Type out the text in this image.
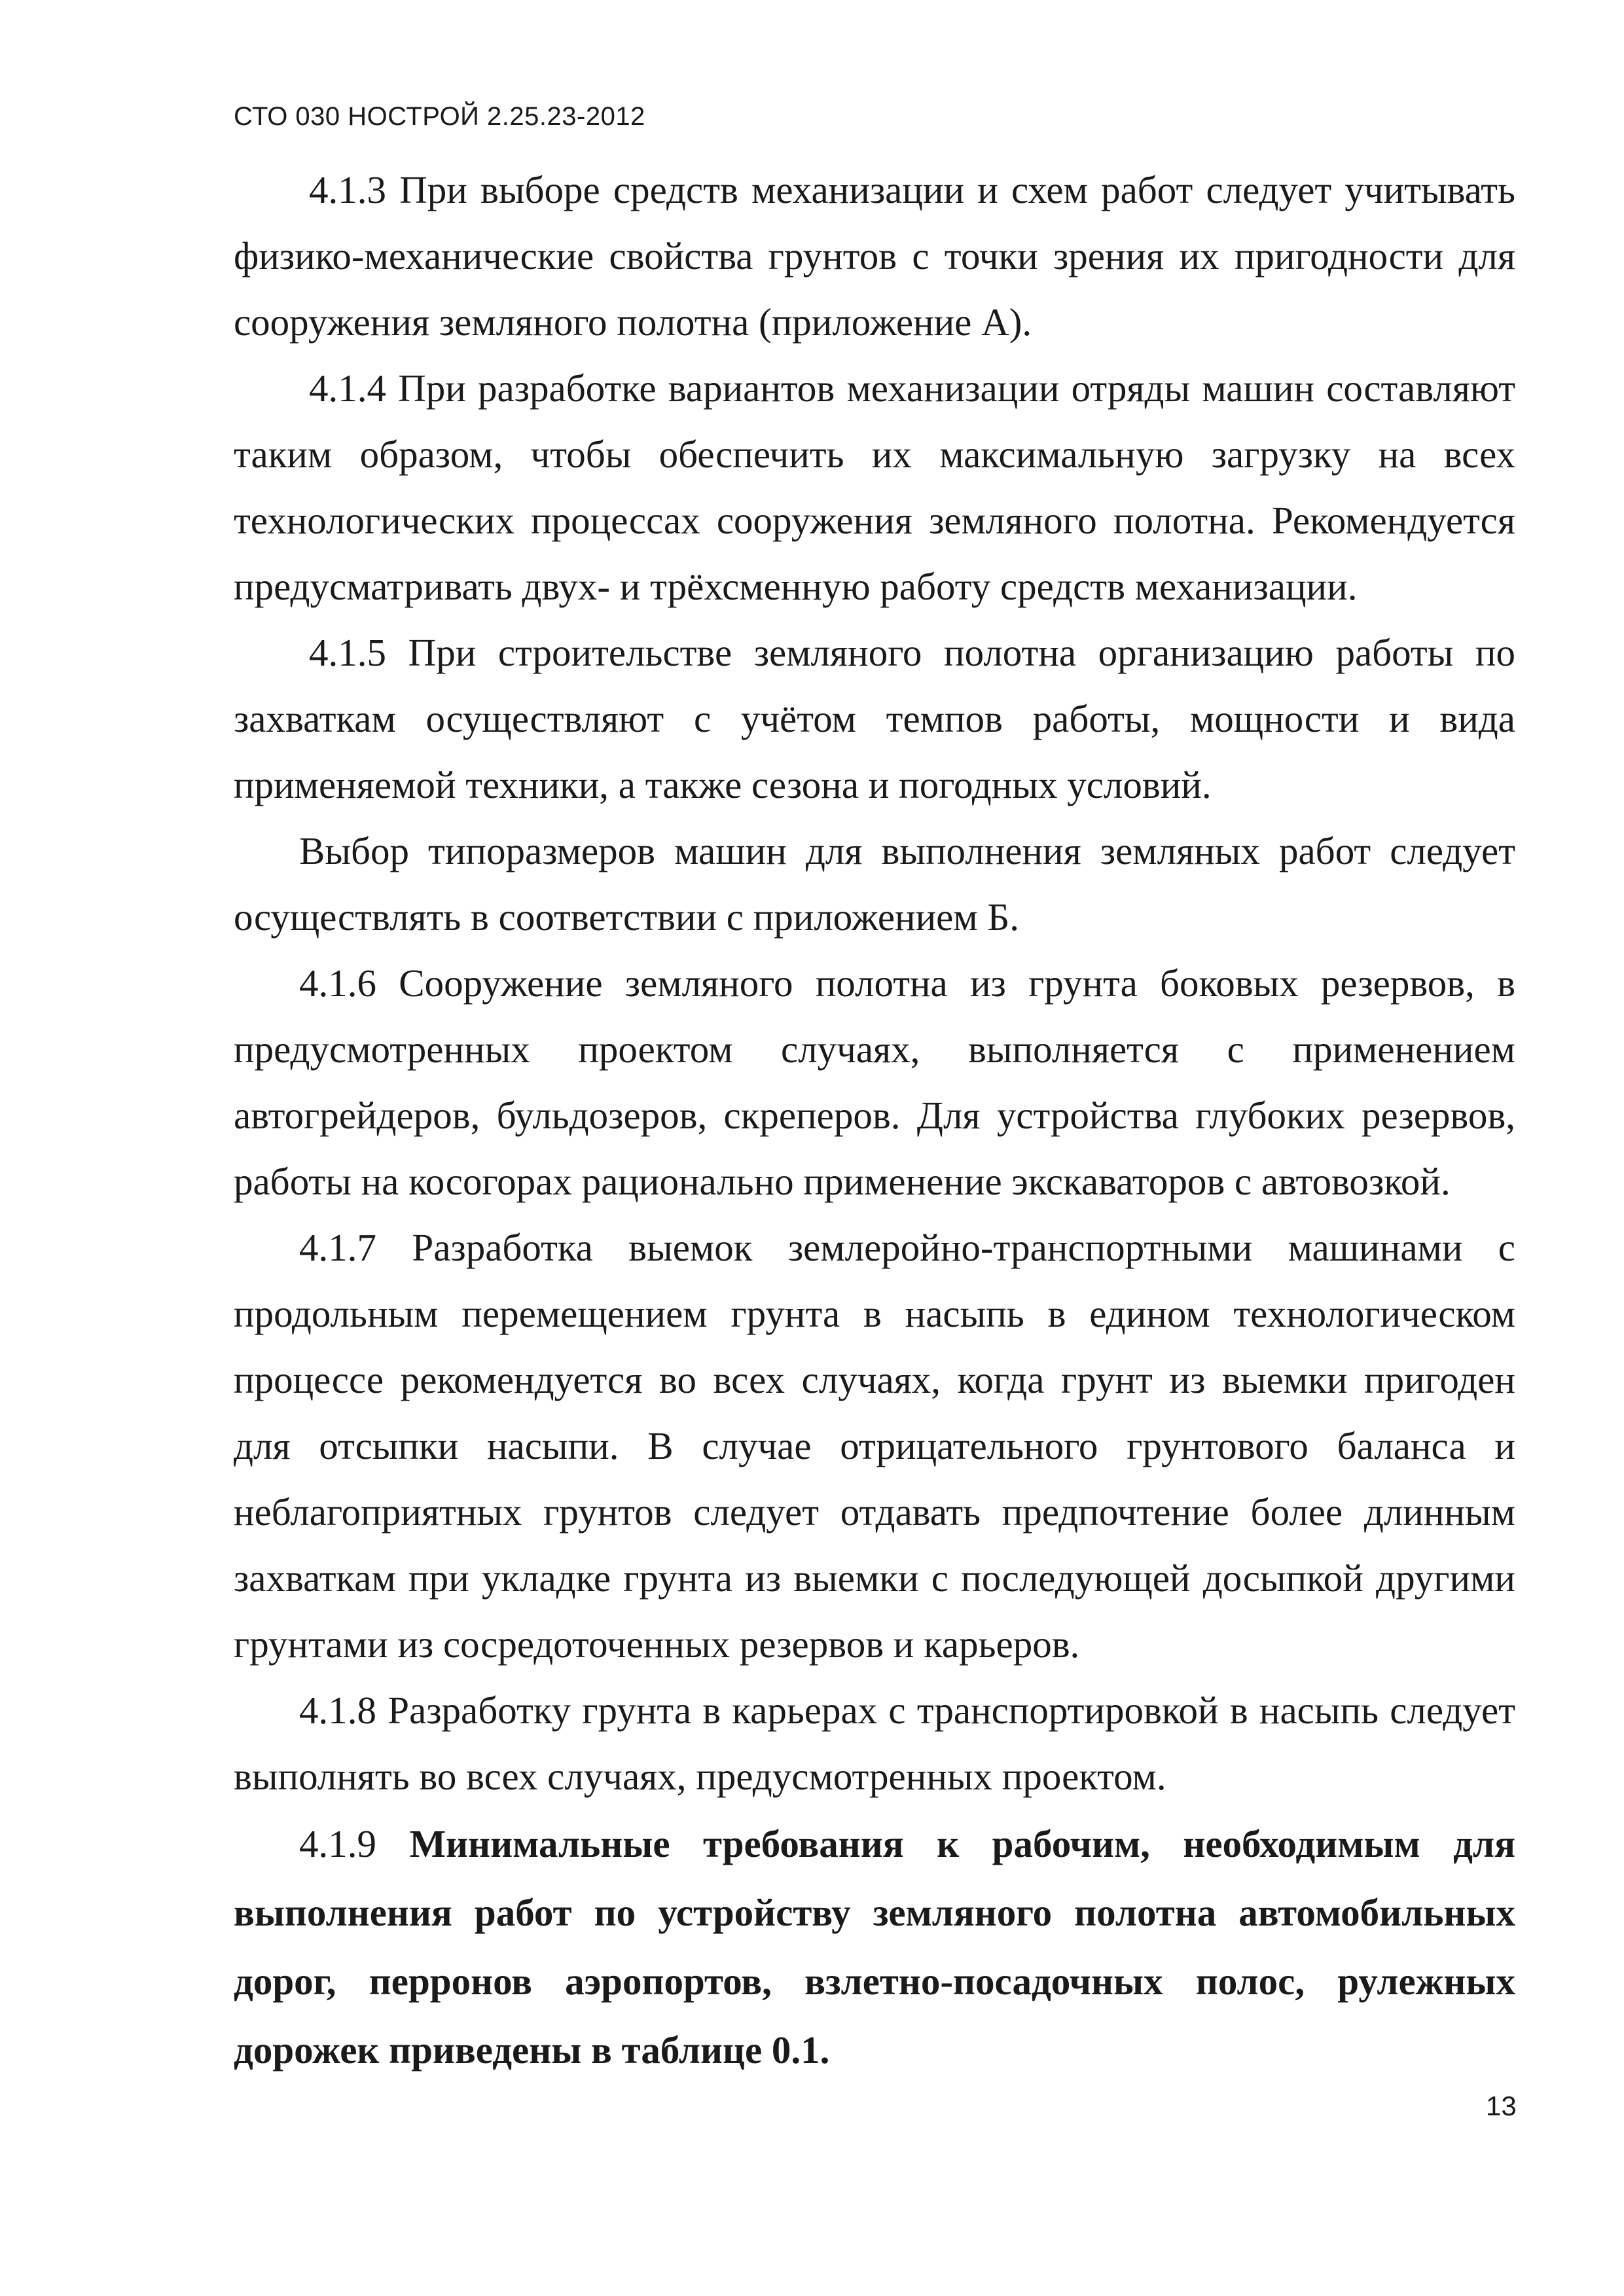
СТО 030 НОСТРОЙ 2.25.23-2012

4.1.3 При выборе средств механизации и схем работ следует учитывать физико-механические свойства грунтов с точки зрения их пригодности для сооружения земляного полотна (приложение А).

4.1.4 При разработке вариантов механизации отряды машин составляют таким образом, чтобы обеспечить их максимальную загрузку на всех технологических процессах сооружения земляного полотна. Рекомендуется предусматривать двух- и трёхсменную работу средств механизации.

4.1.5 При строительстве земляного полотна организацию работы по захваткам осуществляют с учётом темпов работы, мощности и вида применяемой техники, а также сезона и погодных условий.

Выбор типоразмеров машин для выполнения земляных работ следует осуществлять в соответствии с приложением Б.

4.1.6 Сооружение земляного полотна из грунта боковых резервов, в предусмотренных проектом случаях, выполняется с применением автогрейдеров, бульдозеров, скреперов. Для устройства глубоких резервов, работы на косогорах рационально применение экскаваторов с автовозкой.

4.1.7 Разработка выемок землеройно-транспортными машинами с продольным перемещением грунта в насыпь в едином технологическом процессе рекомендуется во всех случаях, когда грунт из выемки пригоден для отсыпки насыпи. В случае отрицательного грунтового баланса и неблагоприятных грунтов следует отдавать предпочтение более длинным захваткам при укладке грунта из выемки с последующей досыпкой другими грунтами из сосредоточенных резервов и карьеров.

4.1.8 Разработку грунта в карьерах с транспортировкой в насыпь следует выполнять во всех случаях, предусмотренных проектом.

4.1.9 Минимальные требования к рабочим, необходимым для выполнения работ по устройству земляного полотна автомобильных дорог, перронов аэропортов, взлетно-посадочных полос, рулежных дорожек приведены в таблице 0.1.

13
